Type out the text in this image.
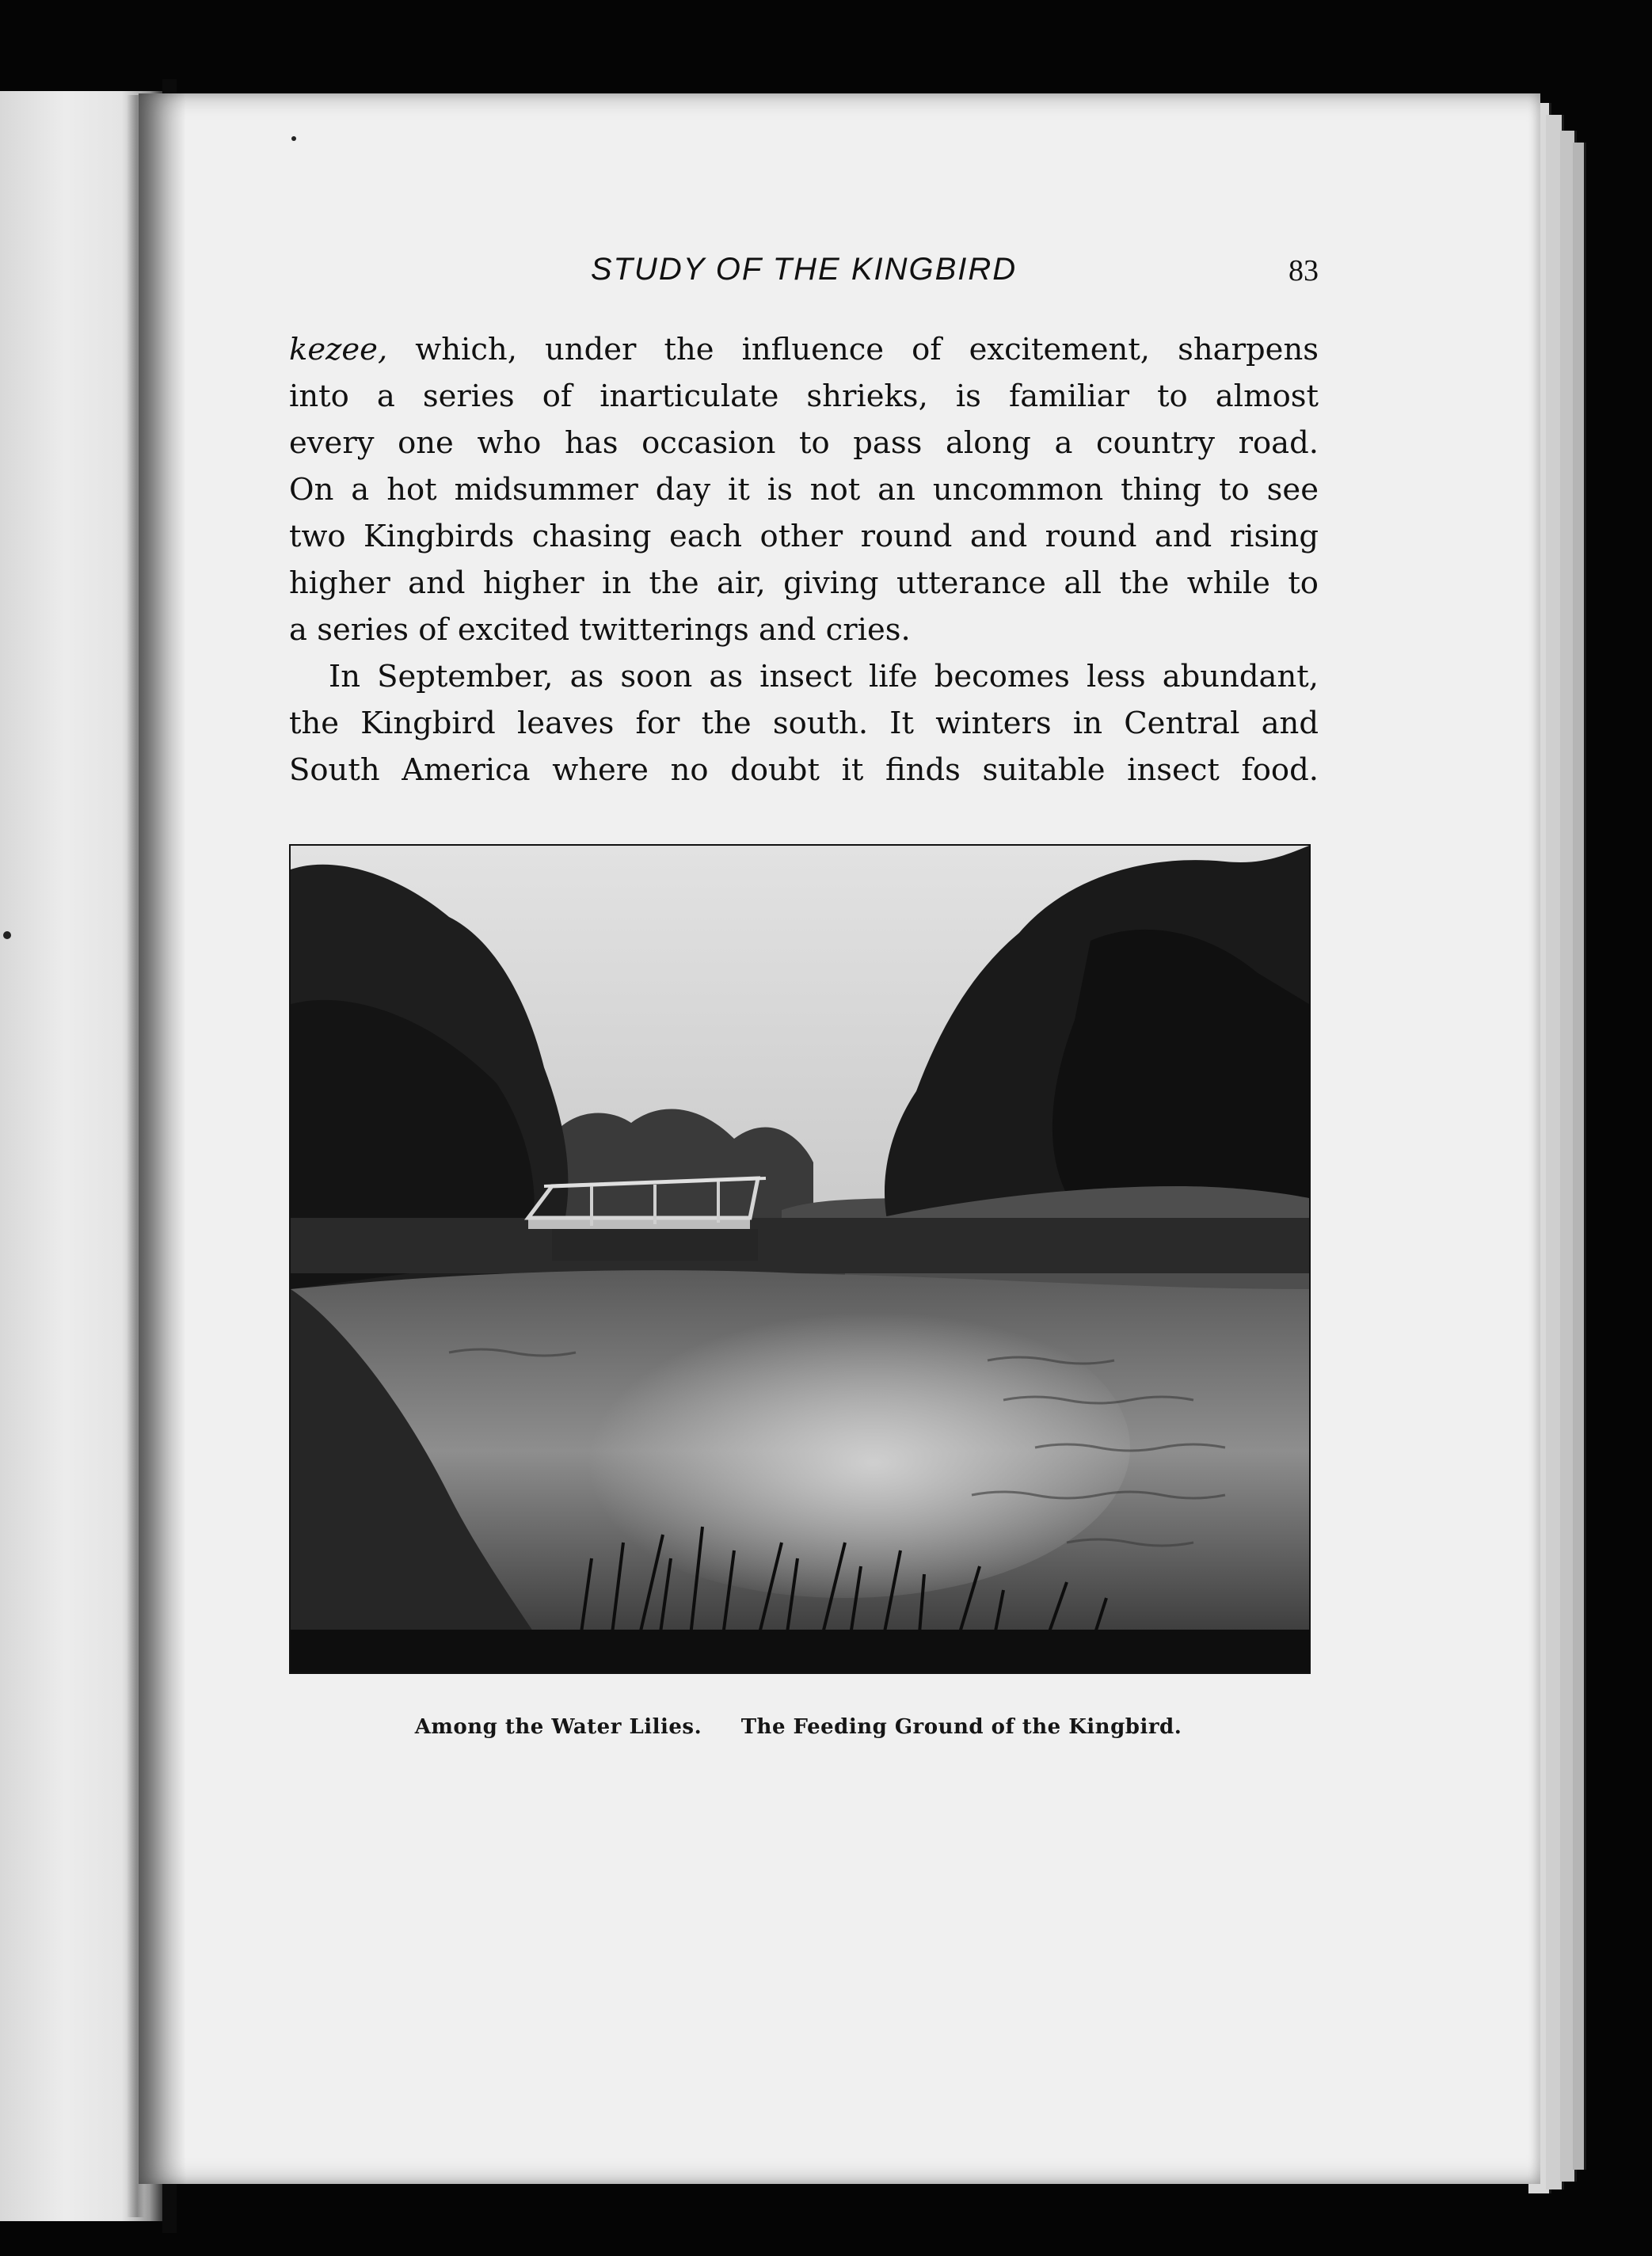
STUDY OF THE KINGBIRD	83
kezee, which, under the influence of excitement, sharpens
into a series of inarticulate shrieks, is familiar to almost
every one who has occasion to pass along a country road.
On a hot midsummer day it is not an uncommon thing to see
two Kingbirds chasing each other round and round and rising
higher and higher in the air, giving utterance all the while to
a series of excited twitterings and cries.
In September, as soon as insect life becomes less abundant,
the Kingbird leaves for the south. It winters in Central and
South America where no doubt it finds suitable insect food.
Among the Water Lilies. The Feeding Ground of the Kingbird.
